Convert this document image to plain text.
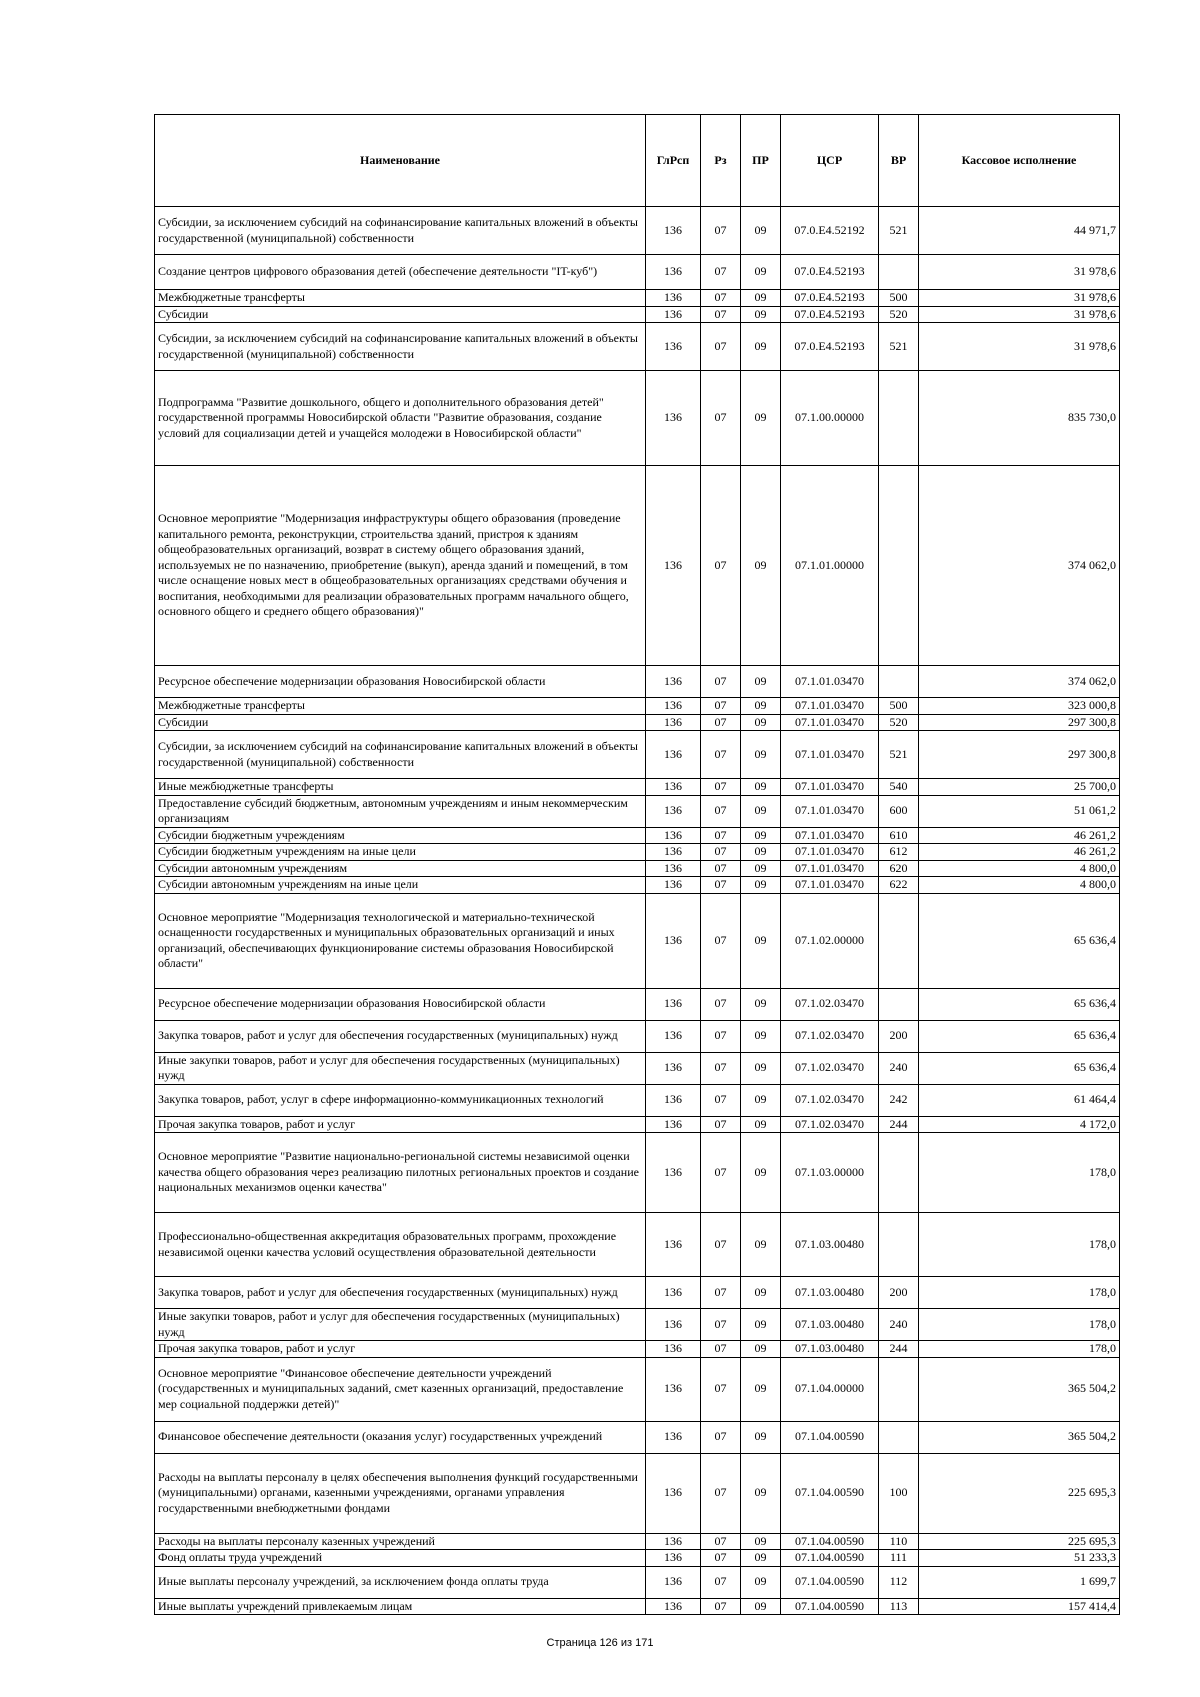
Наименование	ГлРсп	Рз	ПР	ЦСР	ВР	Кассовое исполнение
Субсидии, за исключением субсидий на софинансирование капитальных вложений в объекты государственной (муниципальной) собственности	136	07	09	07.0.E4.52192	521	44 971,7
Создание центров цифрового образования детей (обеспечение деятельности "IT-куб")	136	07	09	07.0.E4.52193		31 978,6
Межбюджетные трансферты	136	07	09	07.0.E4.52193	500	31 978,6
Субсидии	136	07	09	07.0.E4.52193	520	31 978,6
Субсидии, за исключением субсидий на софинансирование капитальных вложений в объекты государственной (муниципальной) собственности	136	07	09	07.0.E4.52193	521	31 978,6
Подпрограмма "Развитие дошкольного, общего и дополнительного образования детей" государственной программы Новосибирской области "Развитие образования, создание условий для социализации детей и учащейся молодежи в Новосибирской области"	136	07	09	07.1.00.00000		835 730,0
Основное мероприятие "Модернизация инфраструктуры общего образования (проведение капитального ремонта, реконструкции, строительства зданий, пристроя к зданиям общеобразовательных организаций, возврат в систему общего образования зданий, используемых не по назначению, приобретение (выкуп), аренда зданий и помещений, в том числе оснащение новых мест в общеобразовательных организациях средствами обучения и воспитания, необходимыми для реализации образовательных программ начального общего, основного общего и среднего общего образования)"	136	07	09	07.1.01.00000		374 062,0
Ресурсное обеспечение модернизации образования Новосибирской области	136	07	09	07.1.01.03470		374 062,0
Межбюджетные трансферты	136	07	09	07.1.01.03470	500	323 000,8
Субсидии	136	07	09	07.1.01.03470	520	297 300,8
Субсидии, за исключением субсидий на софинансирование капитальных вложений в объекты государственной (муниципальной) собственности	136	07	09	07.1.01.03470	521	297 300,8
Иные межбюджетные трансферты	136	07	09	07.1.01.03470	540	25 700,0
Предоставление субсидий бюджетным, автономным учреждениям и иным некоммерческим организациям	136	07	09	07.1.01.03470	600	51 061,2
Субсидии бюджетным учреждениям	136	07	09	07.1.01.03470	610	46 261,2
Субсидии бюджетным учреждениям на иные цели	136	07	09	07.1.01.03470	612	46 261,2
Субсидии автономным учреждениям	136	07	09	07.1.01.03470	620	4 800,0
Субсидии автономным учреждениям на иные цели	136	07	09	07.1.01.03470	622	4 800,0
Основное мероприятие "Модернизация технологической и материально-технической оснащенности государственных и муниципальных образовательных организаций и иных организаций, обеспечивающих функционирование системы образования Новосибирской области"	136	07	09	07.1.02.00000		65 636,4
Ресурсное обеспечение модернизации образования Новосибирской области	136	07	09	07.1.02.03470		65 636,4
Закупка товаров, работ и услуг для обеспечения государственных (муниципальных) нужд	136	07	09	07.1.02.03470	200	65 636,4
Иные закупки товаров, работ и услуг для обеспечения государственных (муниципальных) нужд	136	07	09	07.1.02.03470	240	65 636,4
Закупка товаров, работ, услуг в сфере информационно-коммуникационных технологий	136	07	09	07.1.02.03470	242	61 464,4
Прочая закупка товаров, работ и услуг	136	07	09	07.1.02.03470	244	4 172,0
Основное мероприятие "Развитие национально-региональной системы независимой оценки качества общего образования через реализацию пилотных региональных проектов и создание национальных механизмов оценки качества"	136	07	09	07.1.03.00000		178,0
Профессионально-общественная аккредитация образовательных программ, прохождение независимой оценки качества условий осуществления образовательной деятельности	136	07	09	07.1.03.00480		178,0
Закупка товаров, работ и услуг для обеспечения государственных (муниципальных) нужд	136	07	09	07.1.03.00480	200	178,0
Иные закупки товаров, работ и услуг для обеспечения государственных (муниципальных) нужд	136	07	09	07.1.03.00480	240	178,0
Прочая закупка товаров, работ и услуг	136	07	09	07.1.03.00480	244	178,0
Основное мероприятие "Финансовое обеспечение деятельности учреждений (государственных и муниципальных заданий, смет казенных организаций, предоставление мер социальной поддержки детей)"	136	07	09	07.1.04.00000		365 504,2
Финансовое обеспечение деятельности (оказания услуг) государственных учреждений	136	07	09	07.1.04.00590		365 504,2
Расходы на выплаты персоналу в целях обеспечения выполнения функций государственными (муниципальными) органами, казенными учреждениями, органами управления государственными внебюджетными фондами	136	07	09	07.1.04.00590	100	225 695,3
Расходы на выплаты персоналу казенных учреждений	136	07	09	07.1.04.00590	110	225 695,3
Фонд оплаты труда учреждений	136	07	09	07.1.04.00590	111	51 233,3
Иные выплаты персоналу учреждений, за исключением фонда оплаты труда	136	07	09	07.1.04.00590	112	1 699,7
Иные выплаты учреждений привлекаемым лицам	136	07	09	07.1.04.00590	113	157 414,4
Страница 126 из 171
